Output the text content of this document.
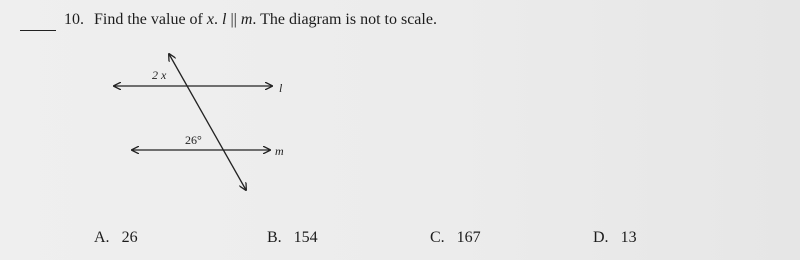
10. Find the value of x. l || m. The diagram is not to scale.
2 x
26°
l
m
A. 26	B. 154	C. 167	D. 13
